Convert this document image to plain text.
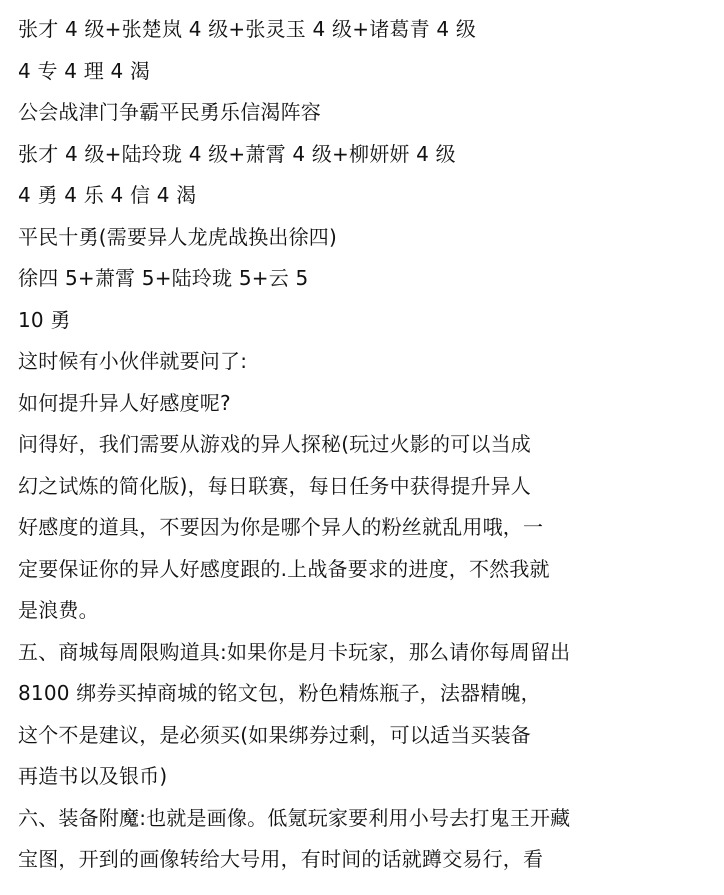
张才 4 级+张楚岚 4 级+张灵玉 4 级+诸葛青 4 级
4 专 4 理 4 渴
公会战津门争霸平民勇乐信渴阵容
张才 4 级+陆玲珑 4 级+萧霄 4 级+柳妍妍 4 级
4 勇 4 乐 4 信 4 渴
平民十勇(需要异人龙虎战换出徐四)
徐四 5+萧霄 5+陆玲珑 5+云 5
10 勇
这时候有小伙伴就要问了:
如何提升异人好感度呢?
问得好，我们需要从游戏的异人探秘(玩过火影的可以当成
幻之试炼的简化版)，每日联赛，每日任务中获得提升异人
好感度的道具，不要因为你是哪个异人的粉丝就乱用哦，一
定要保证你的异人好感度跟的.上战备要求的进度，不然我就
是浪费。
五、商城每周限购道具:如果你是月卡玩家，那么请你每周留出
8100 绑券买掉商城的铭文包，粉色精炼瓶子，法器精魄，
这个不是建议，是必须买(如果绑券过剩，可以适当买装备
再造书以及银币)
六、装备附魔:也就是画像。低氪玩家要利用小号去打鬼王开藏
宝图，开到的画像转给大号用，有时间的话就蹲交易行，看
